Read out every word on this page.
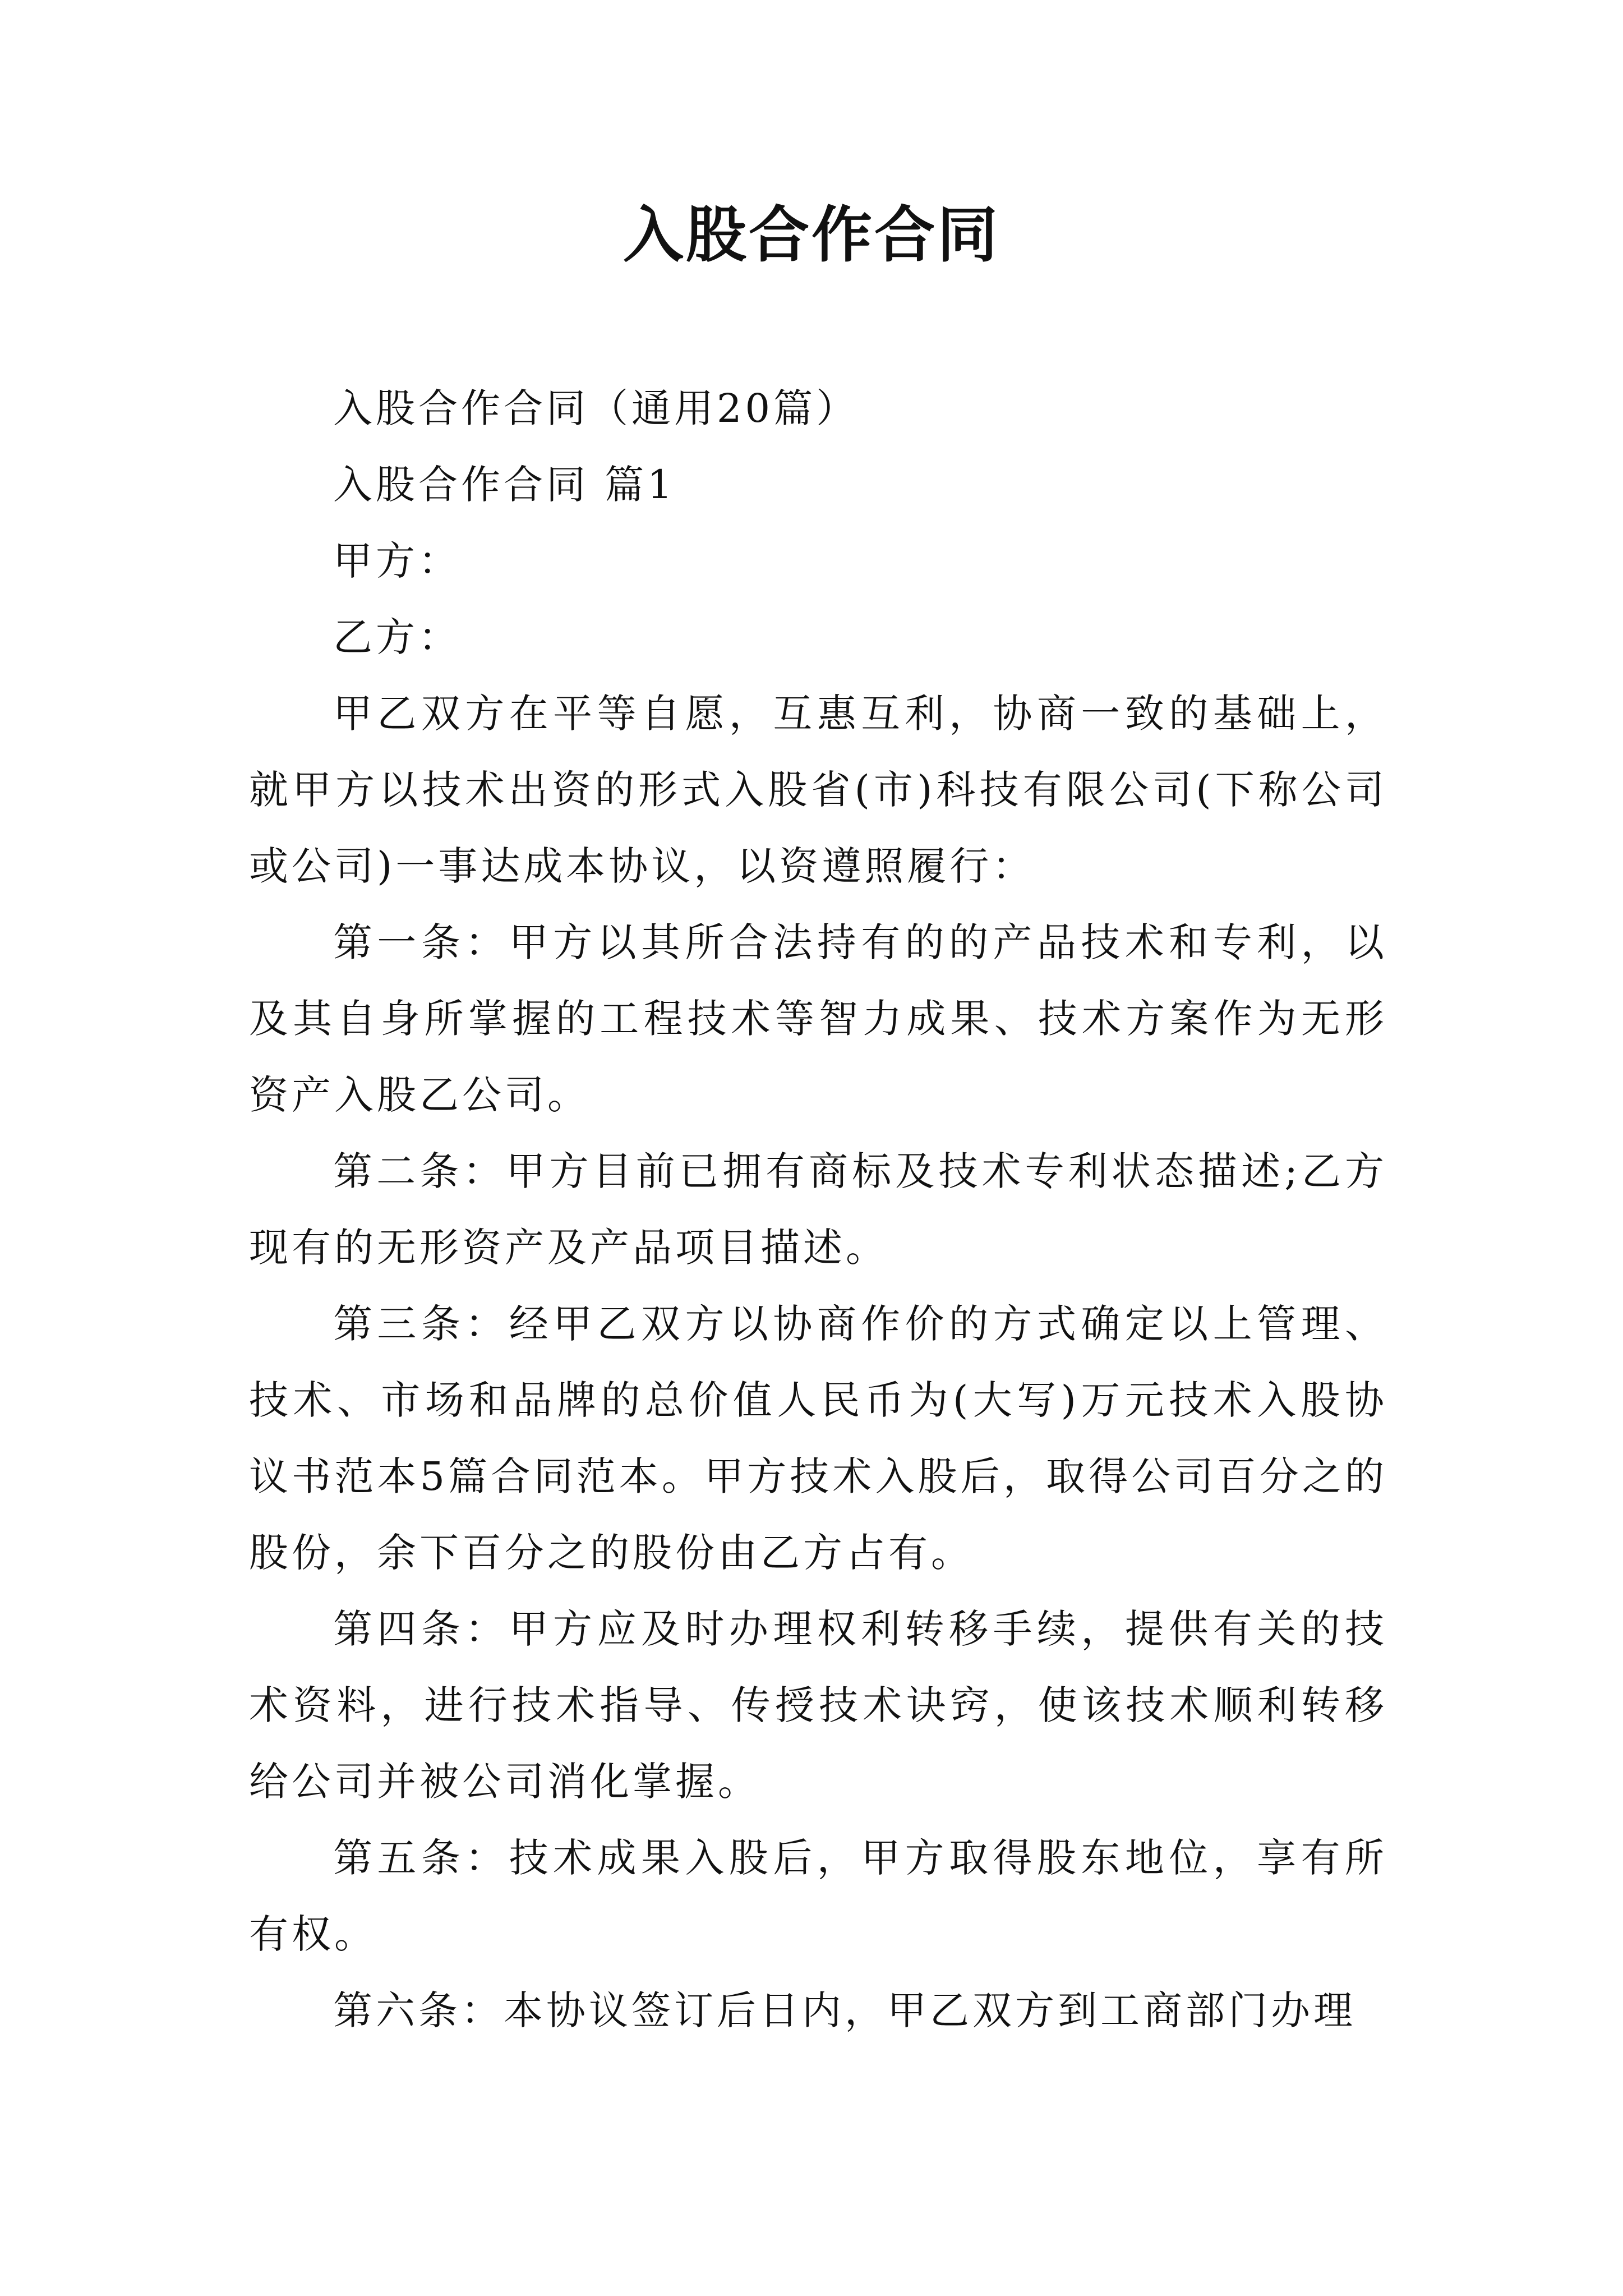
入股合作合同

入股合作合同（通用20篇）

入股合作合同 篇1

甲方：

乙方：

甲乙双方在平等自愿，互惠互利，协商一致的基础上，就甲方以技术出资的形式入股省(市)科技有限公司(下称公司或公司)一事达成本协议，以资遵照履行：

第一条：甲方以其所合法持有的的产品技术和专利，以及其自身所掌握的工程技术等智力成果、技术方案作为无形资产入股乙公司。

第二条：甲方目前已拥有商标及技术专利状态描述;乙方现有的无形资产及产品项目描述。

第三条：经甲乙双方以协商作价的方式确定以上管理、技术、市场和品牌的总价值人民币为(大写)万元技术入股协议书范本5篇合同范本。甲方技术入股后，取得公司百分之的股份，余下百分之的股份由乙方占有。

第四条：甲方应及时办理权利转移手续，提供有关的技术资料，进行技术指导、传授技术诀窍，使该技术顺利转移给公司并被公司消化掌握。

第五条：技术成果入股后，甲方取得股东地位，享有所有权。

第六条：本协议签订后日内，甲乙双方到工商部门办理
